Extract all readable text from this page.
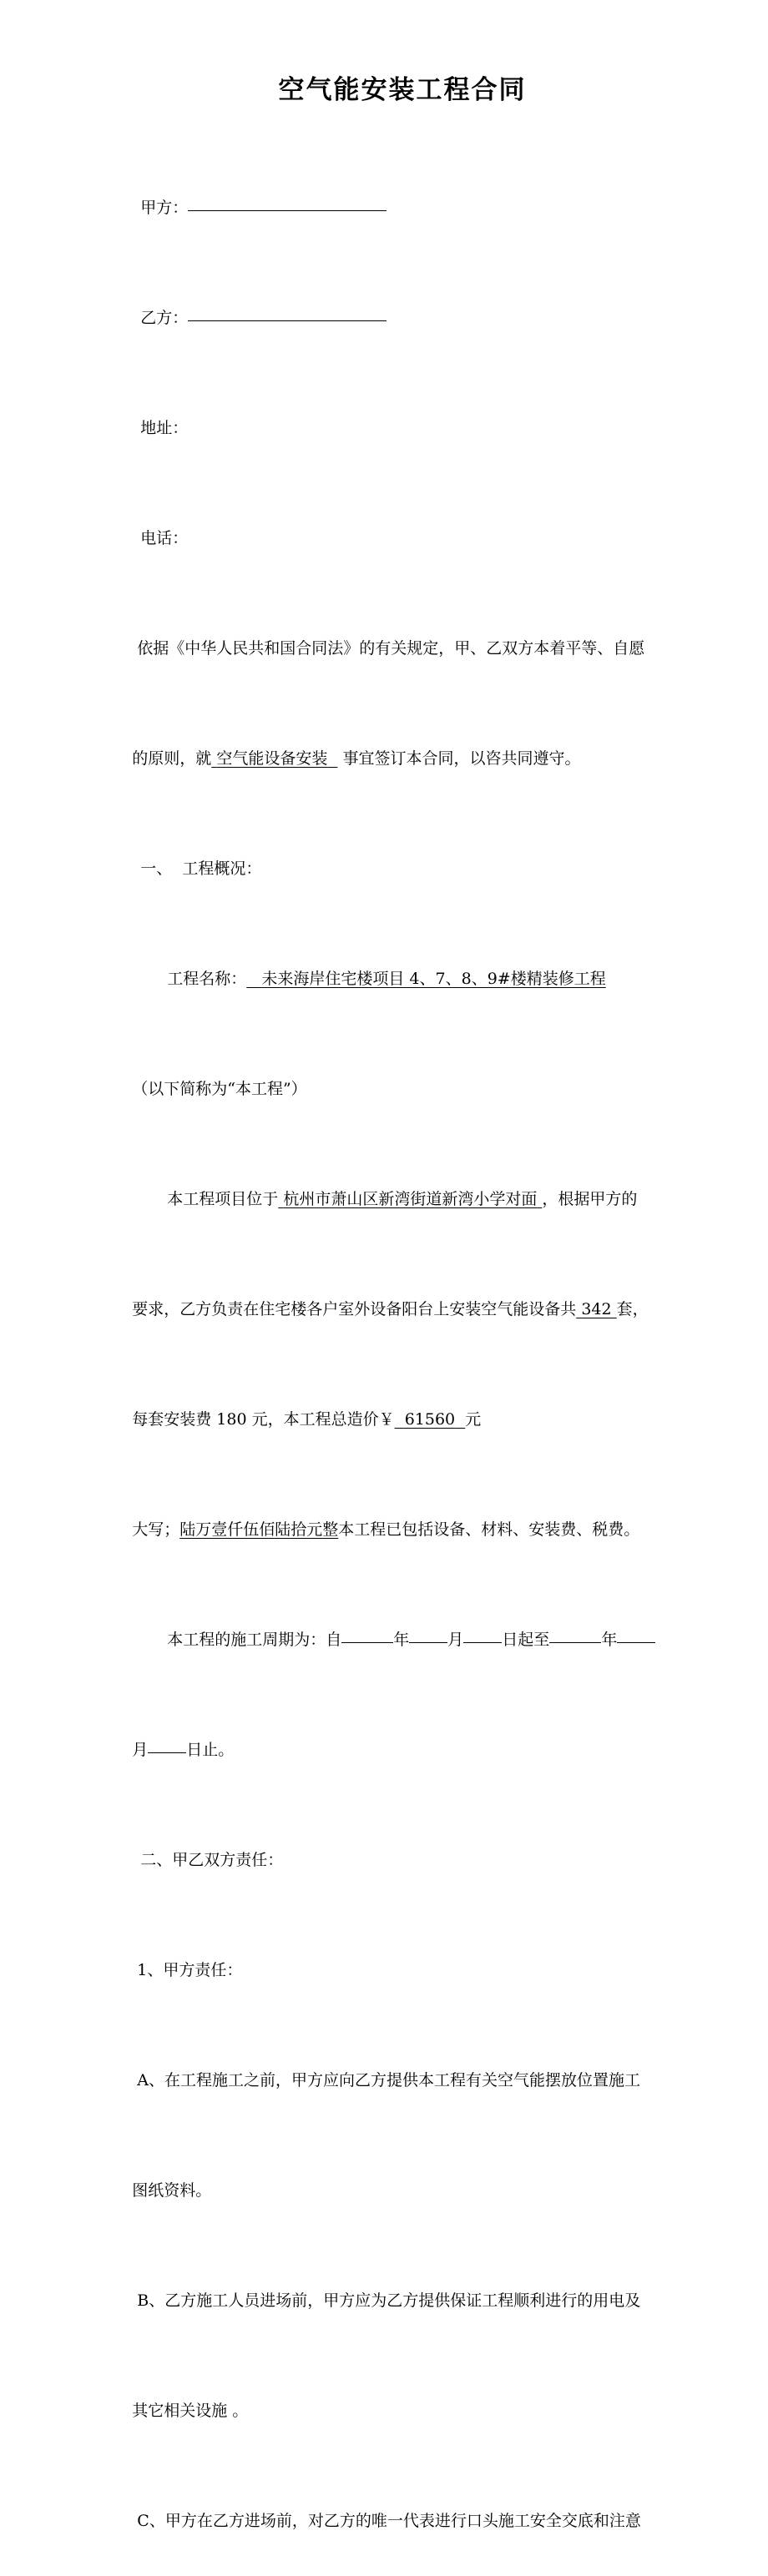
空气能安装工程合同

甲方：

乙方：

地址：

电话：

依据《中华人民共和国合同法》的有关规定，甲、乙双方本着平等、自愿

的原则，就 空气能设备安装 事宜签订本合同，以咨共同遵守。

一、  工程概况：

工程名称： 未来海岸住宅楼项目 4、7、8、9#楼精装修工程

（以下简称为“本工程”）

本工程项目位于 杭州市萧山区新湾街道新湾小学对面 ，根据甲方的

要求，乙方负责在住宅楼各户室外设备阳台上安装空气能设备共 342 套，

每套安装费 180 元，本工程总造价￥ 61560 元

大写；陆万壹仟伍佰陆拾元整本工程已包括设备、材料、安装费、税费。

本工程的施工周期为：自	年 月 日起至	年

月 日止。

二、甲乙双方责任：

1、甲方责任：

A、在工程施工之前，甲方应向乙方提供本工程有关空气能摆放位置施工

图纸资料。

B、乙方施工人员进场前，甲方应为乙方提供保证工程顺利进行的用电及

其它相关设施 。

C、甲方在乙方进场前，对乙方的唯一代表进行口头施工安全交底和注意
